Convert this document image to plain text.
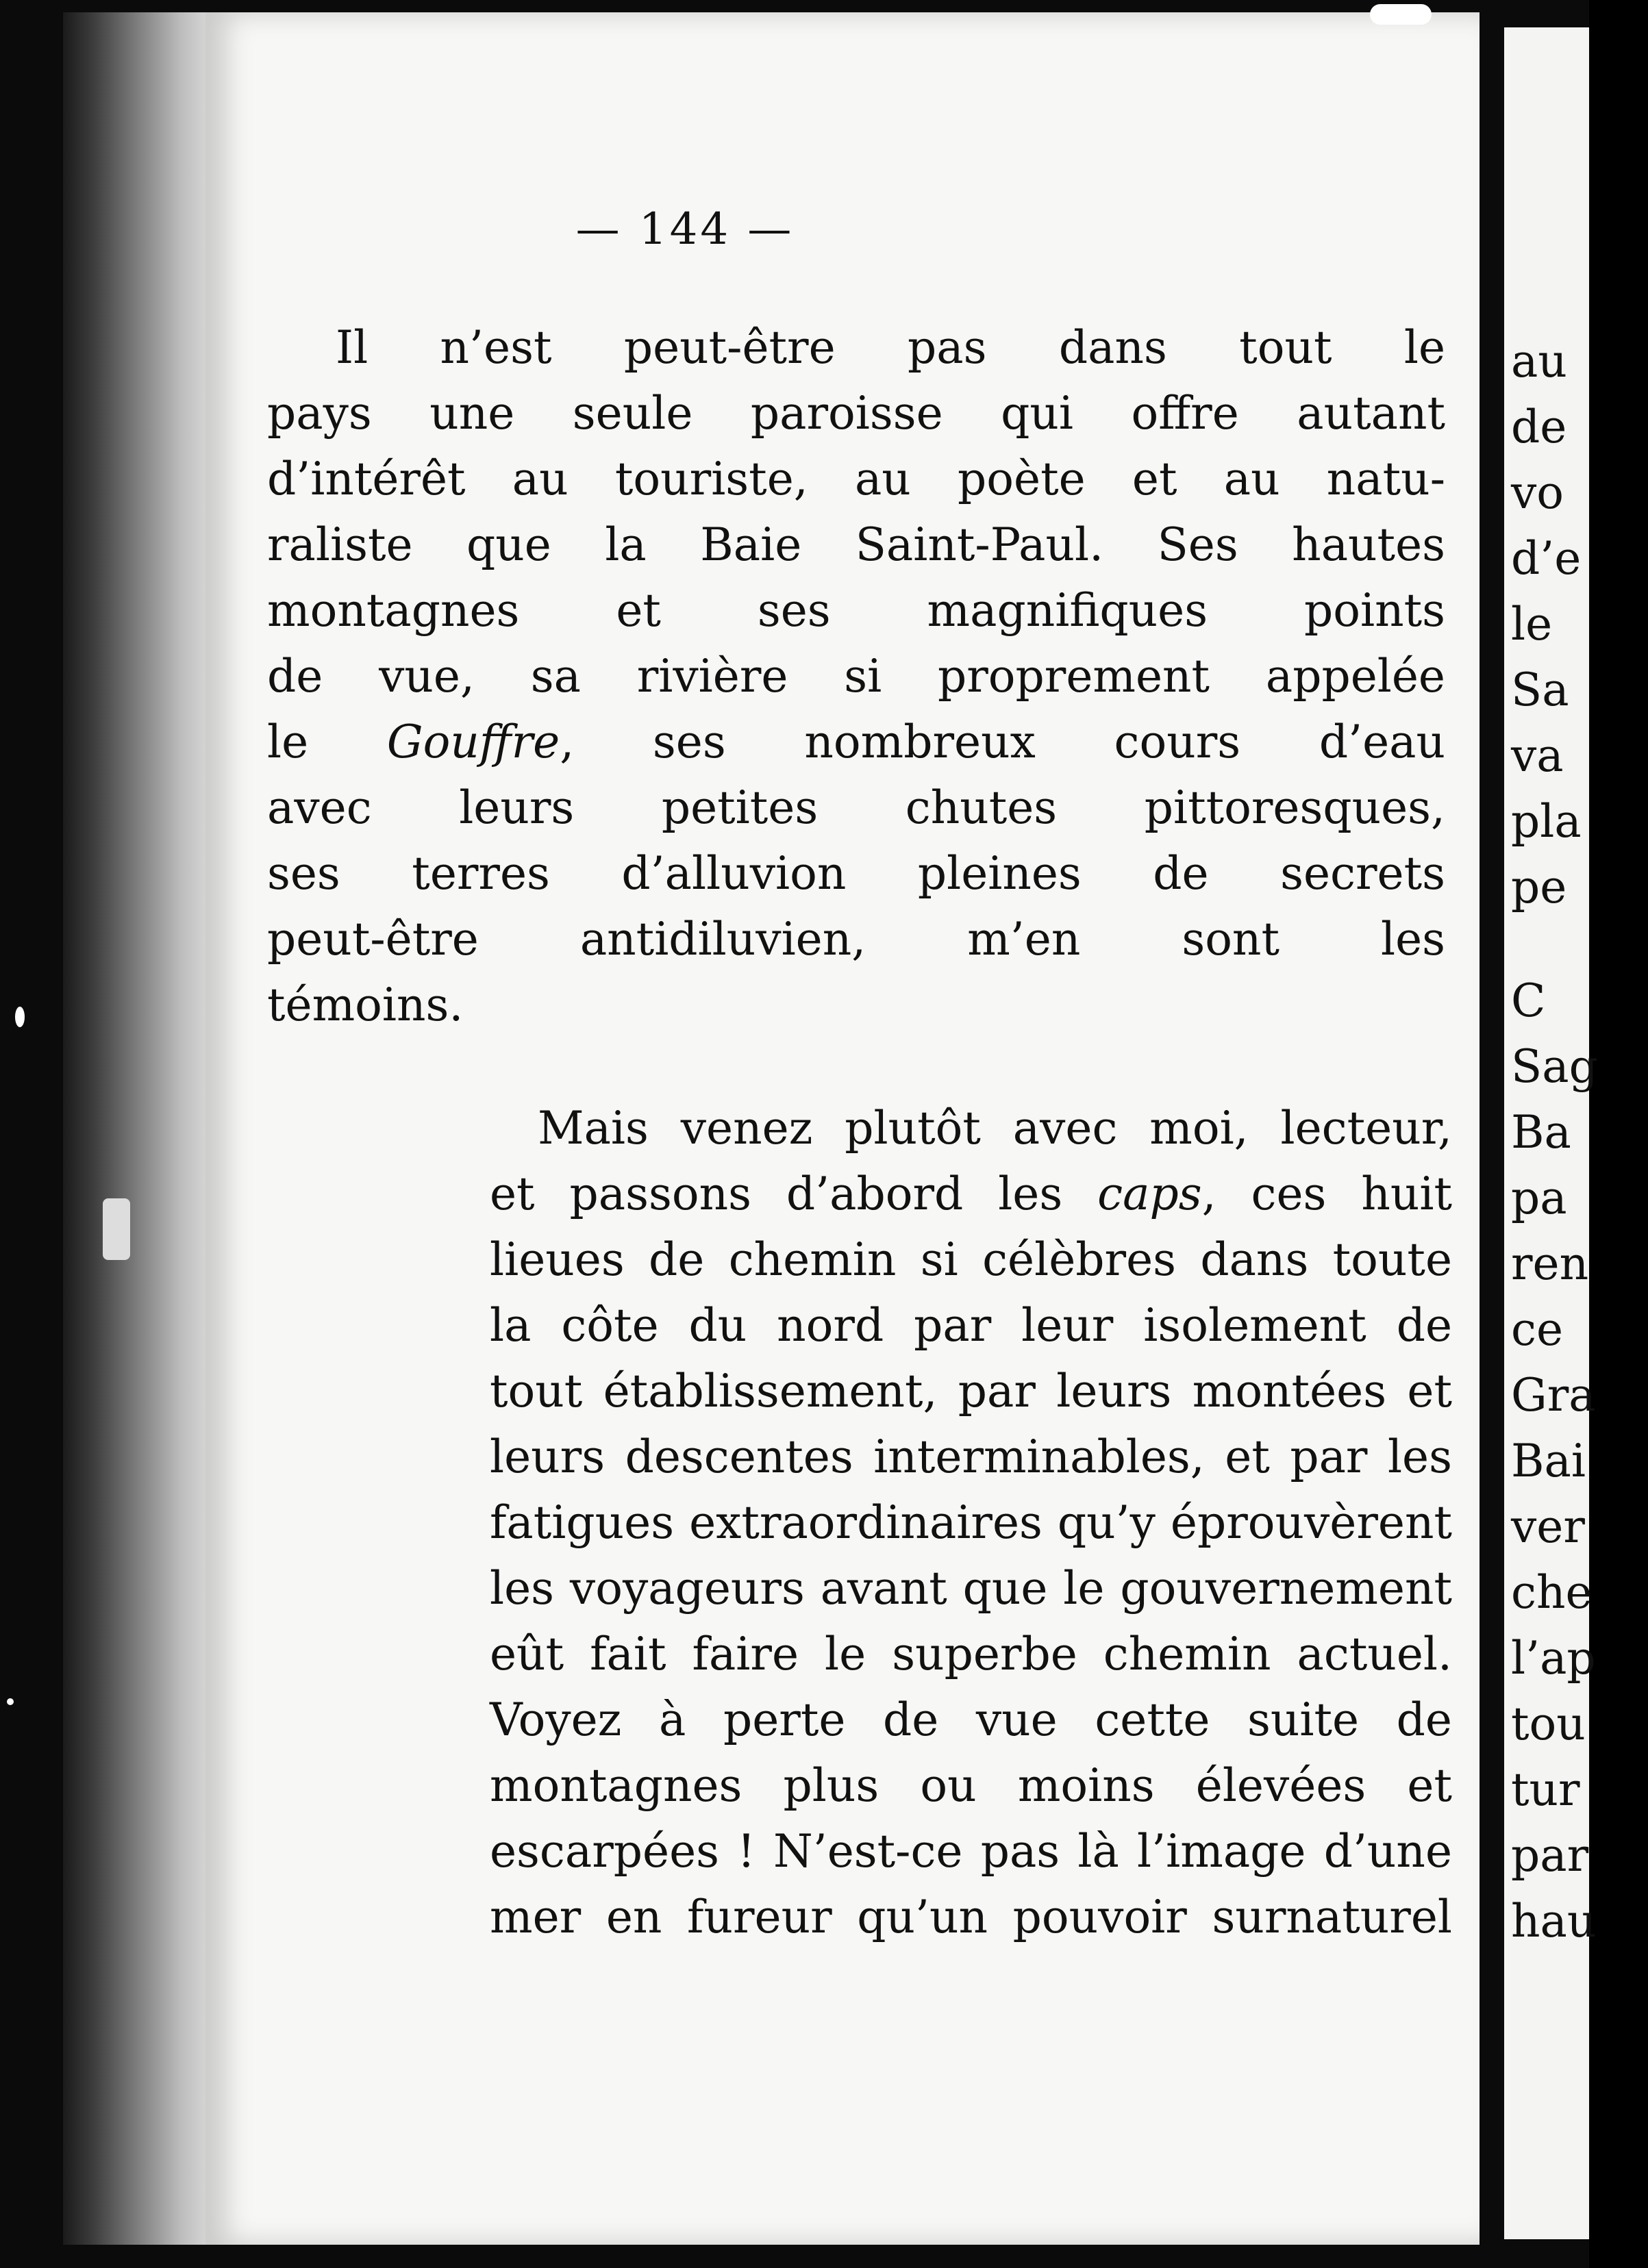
— 144 —
Il n’est peut-être pas dans tout le
pays une seule paroisse qui offre autant
d’intérêt au touriste, au poète et au natu-
raliste que la Baie Saint-Paul. Ses hautes
montagnes et ses magnifiques points
de vue, sa rivière si proprement appelée
le Gouffre, ses nombreux cours d’eau
avec leurs petites chutes pittoresques,
ses terres d’alluvion pleines de secrets
peut-être antidiluvien, m’en sont les
témoins.
Mais venez plutôt avec moi, lecteur,
et passons d’abord les caps, ces huit
lieues de chemin si célèbres dans toute
la côte du nord par leur isolement de
tout établissement, par leurs montées et
leurs descentes interminables, et par les
fatigues extraordinaires qu’y éprouvèrent
les voyageurs avant que le gouvernement
eût fait faire le superbe chemin actuel.
Voyez à perte de vue cette suite de
montagnes plus ou moins élevées et
escarpées ! N’est-ce pas là l’image d’une
mer en fureur qu’un pouvoir surnaturel
au
de
vo
d’e
le
Sa
va
pla
pe
C
Sag
Ba
pa
ren
ce
Gra
Bai
ver
che
l’ap
tou
tur
par
hau
